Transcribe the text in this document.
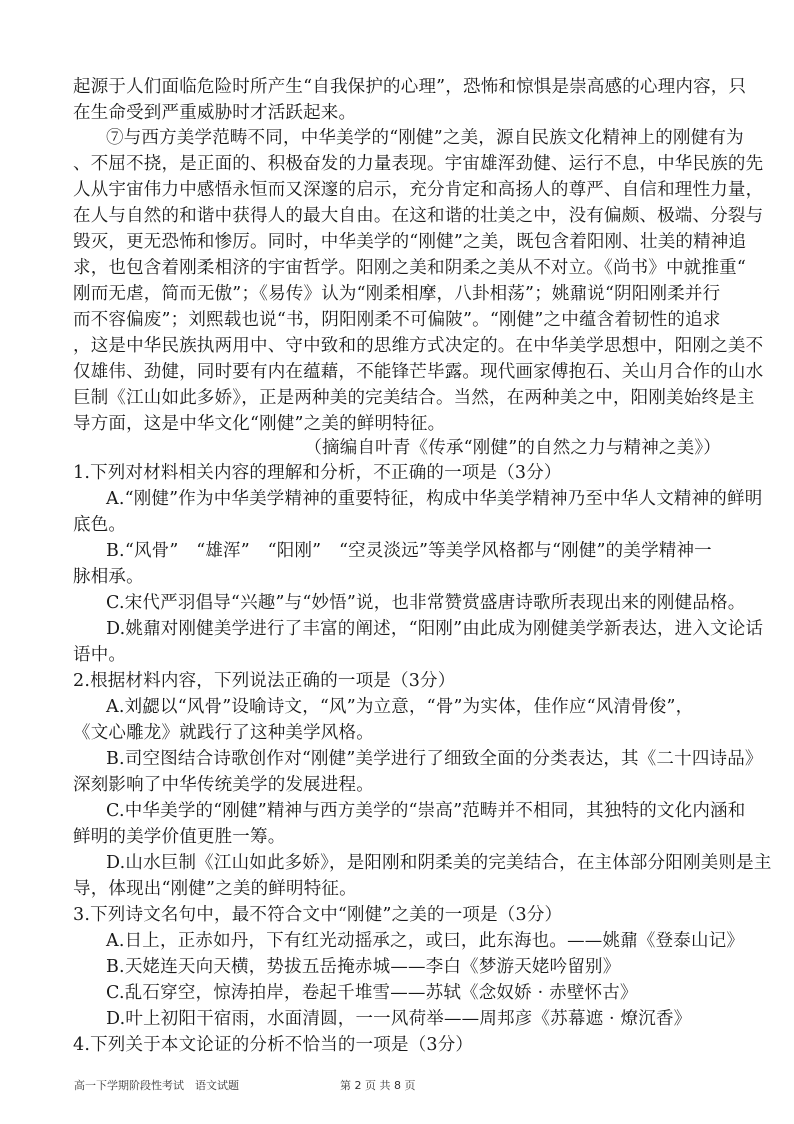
起源于人们面临危险时所产生“自我保护的心理”，恐怖和惊惧是崇高感的心理内容，只
在生命受到严重威胁时才活跃起来。
⑦与西方美学范畴不同，中华美学的“刚健”之美，源自民族文化精神上的刚健有为
、不屈不挠，是正面的、积极奋发的力量表现。宇宙雄浑劲健、运行不息，中华民族的先
人从宇宙伟力中感悟永恒而又深邃的启示，充分肯定和高扬人的尊严、自信和理性力量，
在人与自然的和谐中获得人的最大自由。在这和谐的壮美之中，没有偏颇、极端、分裂与
毁灭，更无恐怖和惨厉。同时，中华美学的“刚健”之美，既包含着阳刚、壮美的精神追
求，也包含着刚柔相济的宇宙哲学。阳刚之美和阴柔之美从不对立。《尚书》中就推重“
刚而无虐，简而无傲”；《易传》认为“刚柔相摩，八卦相荡”；姚鼐说“阴阳刚柔并行
而不容偏废”；刘熙载也说“书，阴阳刚柔不可偏陂”。“刚健”之中蕴含着韧性的追求
，这是中华民族执两用中、守中致和的思维方式决定的。在中华美学思想中，阳刚之美不
仅雄伟、劲健，同时要有内在蕴藉，不能锋芒毕露。现代画家傅抱石、关山月合作的山水
巨制《江山如此多娇》，正是两种美的完美结合。当然，在两种美之中，阳刚美始终是主
导方面，这是中华文化“刚健”之美的鲜明特征。
（摘编自叶青《传承“刚健”的自然之力与精神之美》）
1.下列对材料相关内容的理解和分析，不正确的一项是（3分）
A.“刚健”作为中华美学精神的重要特征，构成中华美学精神乃至中华人文精神的鲜明
底色。
B.“风骨”　“雄浑”　“阳刚”　“空灵淡远”等美学风格都与“刚健”的美学精神一
脉相承。
C.宋代严羽倡导“兴趣”与“妙悟”说，也非常赞赏盛唐诗歌所表现出来的刚健品格。
D.姚鼐对刚健美学进行了丰富的阐述，“阳刚”由此成为刚健美学新表达，进入文论话
语中。
2.根据材料内容，下列说法正确的一项是（3分）
A.刘勰以“风骨”设喻诗文，“风”为立意，“骨”为实体，佳作应“风清骨俊”，
《文心雕龙》就践行了这种美学风格。
B.司空图结合诗歌创作对“刚健”美学进行了细致全面的分类表达，其《二十四诗品》
深刻影响了中华传统美学的发展进程。
C.中华美学的“刚健”精神与西方美学的“崇高”范畴并不相同，其独特的文化内涵和
鲜明的美学价值更胜一筹。
D.山水巨制《江山如此多娇》，是阳刚和阴柔美的完美结合，在主体部分阳刚美则是主
导，体现出“刚健”之美的鲜明特征。
3.下列诗文名句中，最不符合文中“刚健”之美的一项是（3分）
A.日上，正赤如丹，下有红光动摇承之，或曰，此东海也。——姚鼐《登泰山记》
B.天姥连天向天横，势拔五岳掩赤城——李白《梦游天姥吟留别》
C.乱石穿空，惊涛拍岸，卷起千堆雪——苏轼《念奴娇 · 赤壁怀古》
D.叶上初阳干宿雨，水面清圆，一一风荷举——周邦彦《苏幕遮 · 燎沉香》
4.下列关于本文论证的分析不恰当的一项是（3分）
高一下学期阶段性考试　语文试题	第 2 页 共 8 页
